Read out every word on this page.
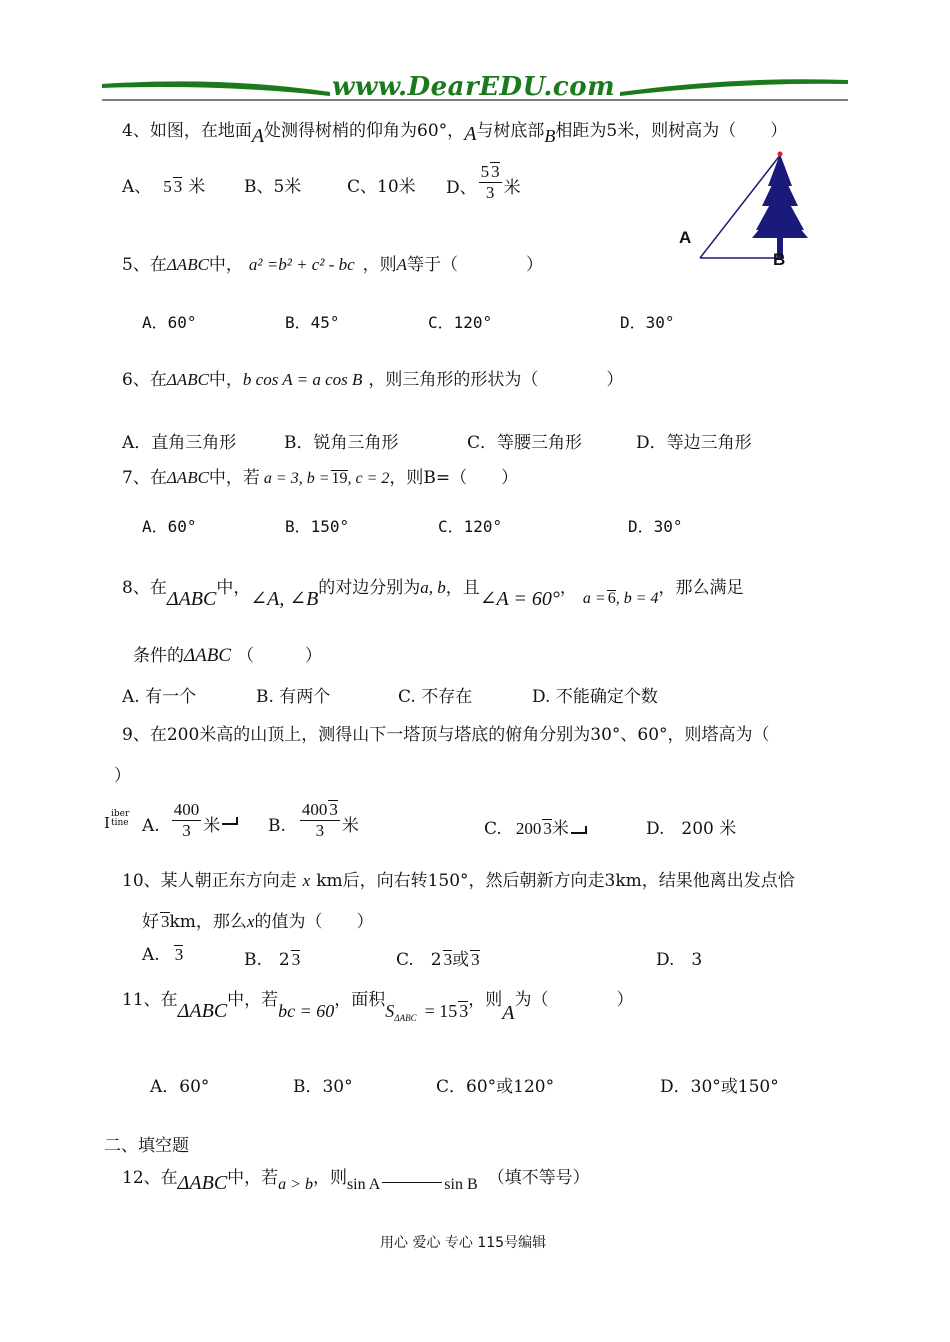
www.DearEDU.com
4、如图，在地面A处测得树梢的仰角为60°，A与树底部B相距为5米，则树高为（　　）
A、 5 3 米 B、5米	C、10米 D、 $\frac{5 3}{3}$ 米
A
B
5、在ΔABC中， a² =b² + c² - bc ，则A等于（　　　　）
A．60°	B．45°	C．120°	D．30°
6、在ΔABC中，b cos A = a cos B ，则三角形的形状为（　　　　）
A．直角三角形	B．锐角三角形	C．等腰三角形	D．等边三角形
7、在ΔABC中，若 a = 3, b = 19, c = 2，则B=（　　）
A．60°	B．150°	C．120°	D．30°
8、在ΔABC中，∠A, ∠B的对边分别为a, b，且∠A = 60°，a = 6, b = 4，那么满足
条件的ΔABC （　　　）
A. 有一个	B. 有两个	C. 不存在	D. 不能确定个数
9、在200米高的山顶上，测得山下一塔顶与塔底的俯角分别为30°、60°，则塔高为（
）
I iber
tine A. $\frac{400}{3}$ 米	B. $\frac{400 3}{3}$ 米	C. 200 3米	D.　200 米
10、某人朝正东方向走 x km后，向右转150°，然后朝新方向走3km，结果他离出发点恰
好 3km，那么x的值为（　　）
A. 3	B.　2 3	C.　2 3或 3	D.　3
11、在ΔABC中，若bc = 60，面积$S_{\Delta ABC} = 15$ 3，则A为（　　　　）
A．60°	B．30°	C．60°或120°	D．30°或150°
二、填空题
12、在ΔABC中，若a > b，则sin A	sin B （填不等号）
用心 爱心 专心 115号编辑
